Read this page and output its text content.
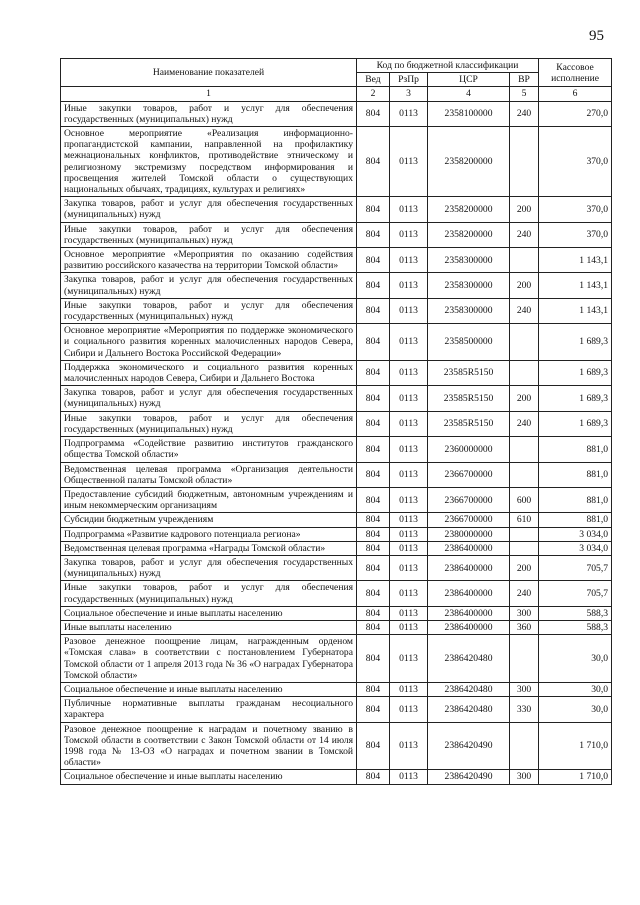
95
Наименование показателей	Код по бюджетной классификации				Кассовое исполнение
	Вед	РзПр	ЦСР	ВР	
1	2	3	4	5	6
Иные закупки товаров, работ и услуг для обеспечения государственных (муниципальных) нужд	804	0113	2358100000	240	270,0
Основное мероприятие «Реализация информационно-пропагандистской кампании, направленной на профилактику межнациональных конфликтов, противодействие этническому и религиозному экстремизму посредством информирования и просвещения жителей Томской области о существующих национальных обычаях, традициях, культурах и религиях»	804	0113	2358200000		370,0
Закупка товаров, работ и услуг для обеспечения государственных (муниципальных) нужд	804	0113	2358200000	200	370,0
Иные закупки товаров, работ и услуг для обеспечения государственных (муниципальных) нужд	804	0113	2358200000	240	370,0
Основное мероприятие «Мероприятия по оказанию содействия развитию российского казачества на территории Томской области»	804	0113	2358300000		1 143,1
Закупка товаров, работ и услуг для обеспечения государственных (муниципальных) нужд	804	0113	2358300000	200	1 143,1
Иные закупки товаров, работ и услуг для обеспечения государственных (муниципальных) нужд	804	0113	2358300000	240	1 143,1
Основное мероприятие «Мероприятия по поддержке экономического и социального развития коренных малочисленных народов Севера, Сибири и Дальнего Востока Российской Федерации»	804	0113	2358500000		1 689,3
Поддержка экономического и социального развития коренных малочисленных народов Севера, Сибири и Дальнего Востока	804	0113	23585R5150		1 689,3
Закупка товаров, работ и услуг для обеспечения государственных (муниципальных) нужд	804	0113	23585R5150	200	1 689,3
Иные закупки товаров, работ и услуг для обеспечения государственных (муниципальных) нужд	804	0113	23585R5150	240	1 689,3
Подпрограмма «Содействие развитию институтов гражданского общества Томской области»	804	0113	2360000000		881,0
Ведомственная целевая программа «Организация деятельности Общественной палаты Томской области»	804	0113	2366700000		881,0
Предоставление субсидий бюджетным, автономным учреждениям и иным некоммерческим организациям	804	0113	2366700000	600	881,0
Субсидии бюджетным учреждениям	804	0113	2366700000	610	881,0
Подпрограмма «Развитие кадрового потенциала региона»	804	0113	2380000000		3 034,0
Ведомственная целевая программа «Награды Томской области»	804	0113	2386400000		3 034,0
Закупка товаров, работ и услуг для обеспечения государственных (муниципальных) нужд	804	0113	2386400000	200	705,7
Иные закупки товаров, работ и услуг для обеспечения государственных (муниципальных) нужд	804	0113	2386400000	240	705,7
Социальное обеспечение и иные выплаты населению	804	0113	2386400000	300	588,3
Иные выплаты населению	804	0113	2386400000	360	588,3
Разовое денежное поощрение лицам, награжденным орденом «Томская слава» в соответствии с постановлением Губернатора Томской области от 1 апреля 2013 года № 36 «О наградах Губернатора Томской области»	804	0113	2386420480		30,0
Социальное обеспечение и иные выплаты населению	804	0113	2386420480	300	30,0
Публичные нормативные выплаты гражданам несоциального характера	804	0113	2386420480	330	30,0
Разовое денежное поощрение к наградам и почетному званию в Томской области в соответствии с Закон Томской области от 14 июля 1998 года № 13-ОЗ «О наградах и почетном звании в Томской области»	804	0113	2386420490		1 710,0
Социальное обеспечение и иные выплаты населению	804	0113	2386420490	300	1 710,0
